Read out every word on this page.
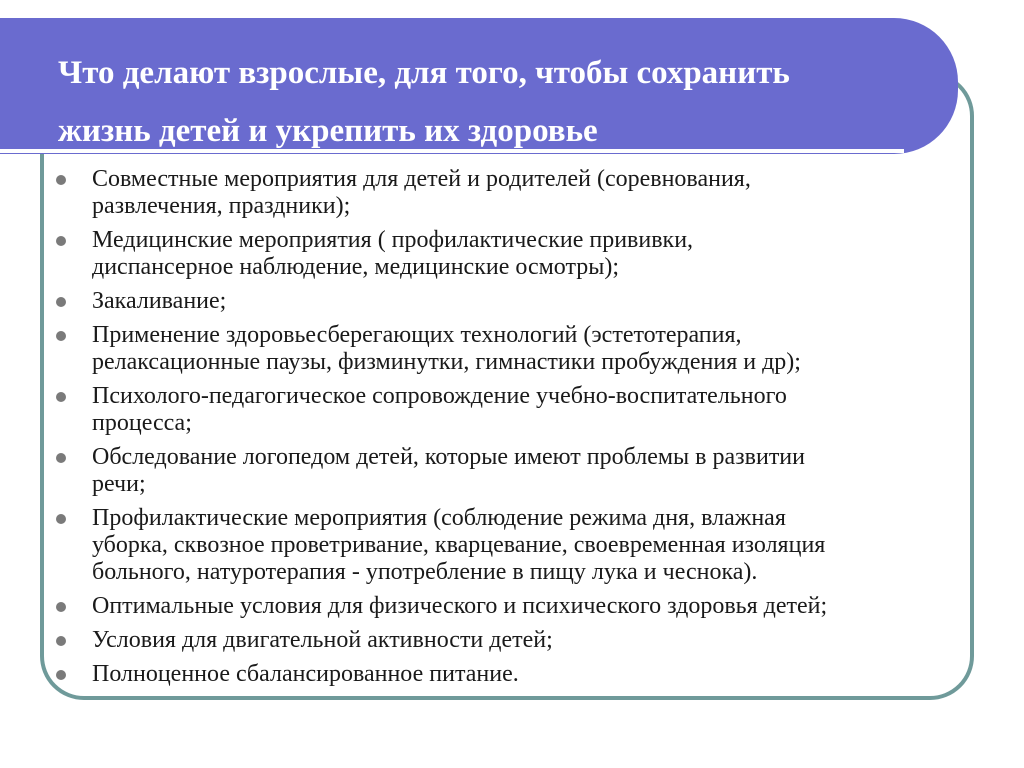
Что делают взрослые, для того, чтобы сохранить
жизнь детей и укрепить их здоровье
Совместные мероприятия для детей и родителей (соревнования,
развлечения, праздники);
Медицинские мероприятия ( профилактические прививки,
диспансерное наблюдение, медицинские осмотры);
Закаливание;
Применение здоровьесберегающих технологий (эстетотерапия,
релаксационные паузы, физминутки, гимнастики пробуждения и др);
Психолого-педагогическое сопровождение учебно-воспитательного
процесса;
Обследование логопедом детей, которые имеют проблемы в развитии
речи;
Профилактические мероприятия (соблюдение режима дня, влажная
уборка, сквозное проветривание, кварцевание, своевременная изоляция
больного, натуротерапия - употребление в пищу лука и чеснока).
Оптимальные условия для физического и психического здоровья детей;
Условия для двигательной активности детей;
Полноценное сбалансированное питание.
